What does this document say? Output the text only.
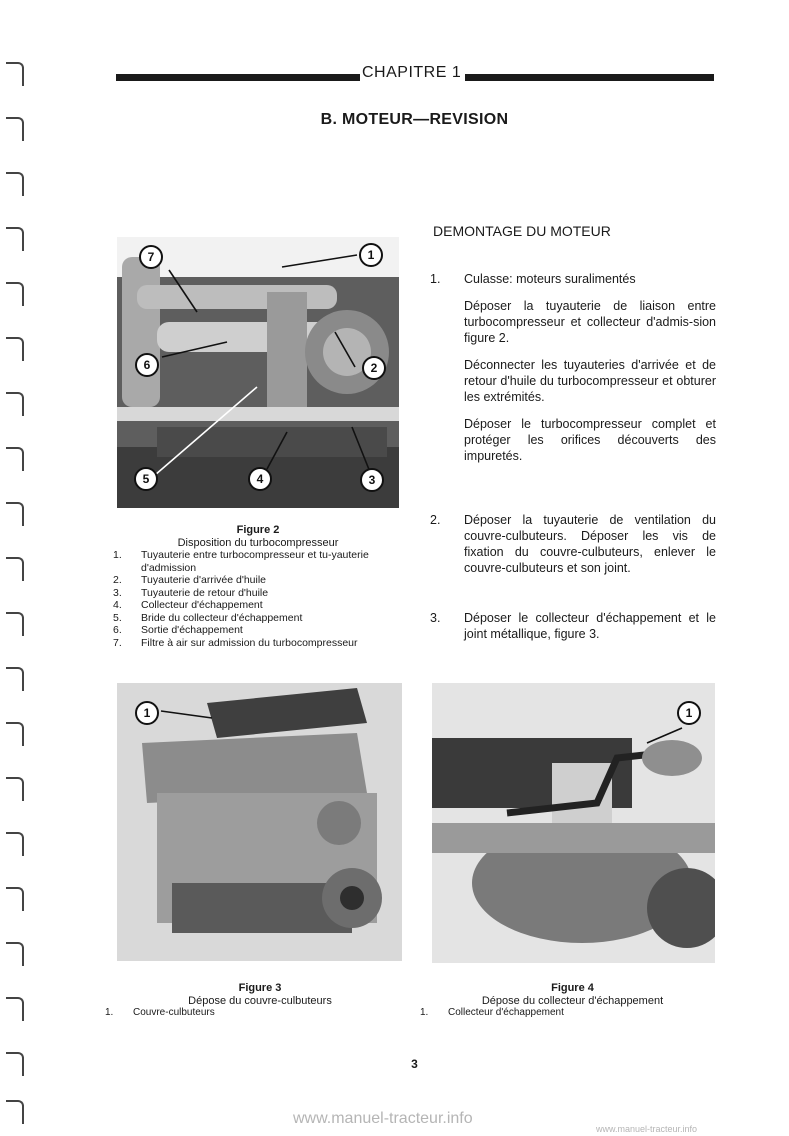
CHAPITRE 1
B. MOTEUR—REVISION
7	1
6	2
5	4	3
Figure 2
Disposition du turbocompresseur
1.	Tuyauterie entre turbocompresseur et tu-yauterie d'admission
2.	Tuyauterie d'arrivée d'huile
3.	Tuyauterie de retour d'huile
4.	Collecteur d'échappement
5.	Bride du collecteur d'échappement
6.	Sortie d'échappement
7.	Filtre à air sur admission du turbocompresseur
DEMONTAGE DU MOTEUR
1. Culasse: moteurs suralimentés

Déposer la tuyauterie de liaison entre turbocompresseur et collecteur d'admis-sion figure 2.

Déconnecter les tuyauteries d'arrivée et de retour d'huile du turbocompresseur et obturer les extrémités.

Déposer le turbocompresseur complet et protéger les orifices découverts des impuretés.

2. Déposer la tuyauterie de ventilation du couvre-culbuteurs. Déposer les vis de fixation du couvre-culbuteurs, enlever le couvre-culbuteurs et son joint.

3. Déposer le collecteur d'échappement et le joint métallique, figure 3.

1
Figure 3
Dépose du couvre-culbuteurs
1.	Couvre-culbuteurs
1
Figure 4
Dépose du collecteur d'échappement
1.	Collecteur d'échappement
3
www.manuel-tracteur.info
www.manuel-tracteur.info
